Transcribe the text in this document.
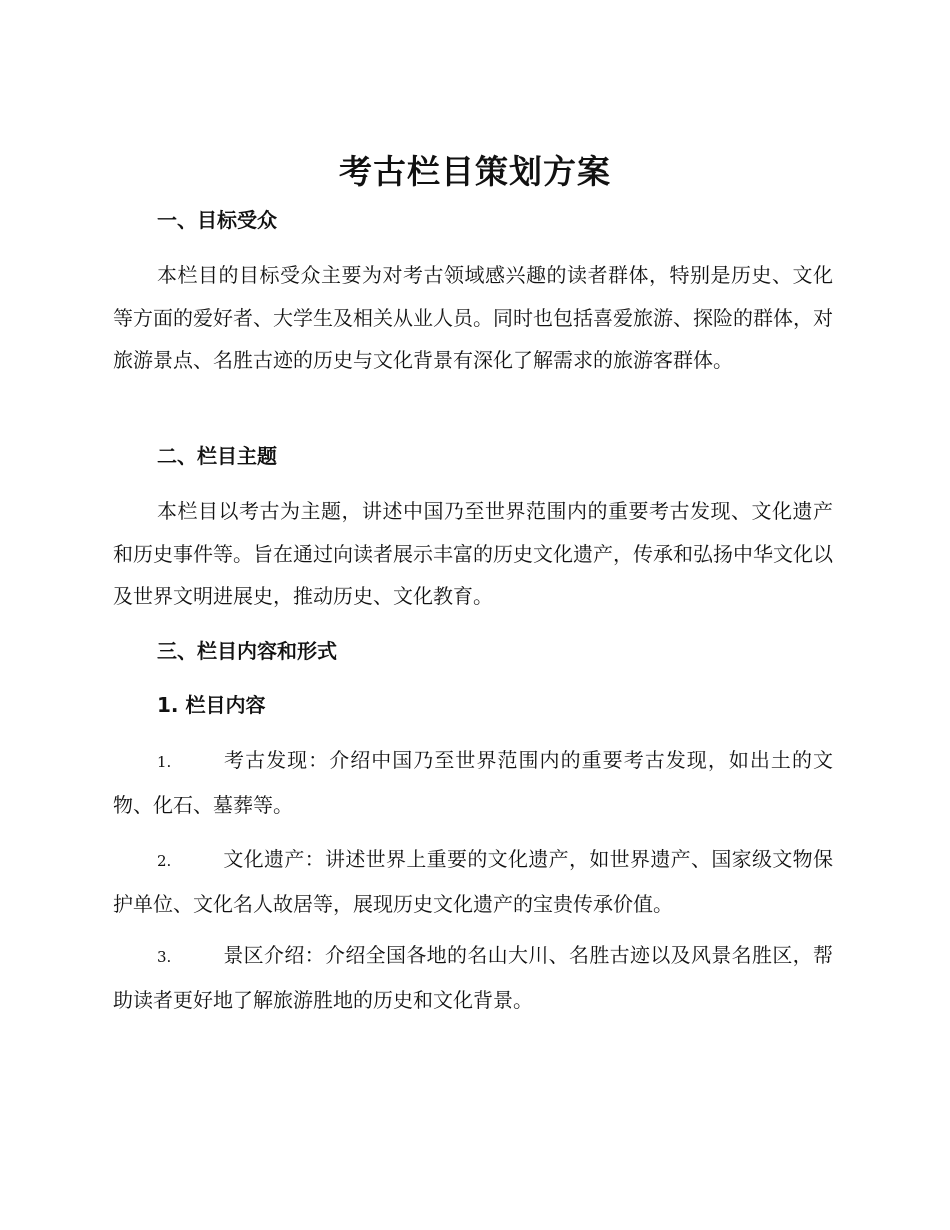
考古栏目策划方案
一、目标受众
本栏目的目标受众主要为对考古领域感兴趣的读者群体，特别是历史、文化等方面的爱好者、大学生及相关从业人员。同时也包括喜爱旅游、探险的群体，对旅游景点、名胜古迹的历史与文化背景有深化了解需求的旅游客群体。
二、栏目主题
本栏目以考古为主题，讲述中国乃至世界范围内的重要考古发现、文化遗产和历史事件等。旨在通过向读者展示丰富的历史文化遗产，传承和弘扬中华文化以及世界文明进展史，推动历史、文化教育。
三、栏目内容和形式
1. 栏目内容
1.	考古发现：介绍中国乃至世界范围内的重要考古发现，如出土的文物、化石、墓葬等。
2.	文化遗产：讲述世界上重要的文化遗产，如世界遗产、国家级文物保护单位、文化名人故居等，展现历史文化遗产的宝贵传承价值。
3.	景区介绍：介绍全国各地的名山大川、名胜古迹以及风景名胜区，帮助读者更好地了解旅游胜地的历史和文化背景。
